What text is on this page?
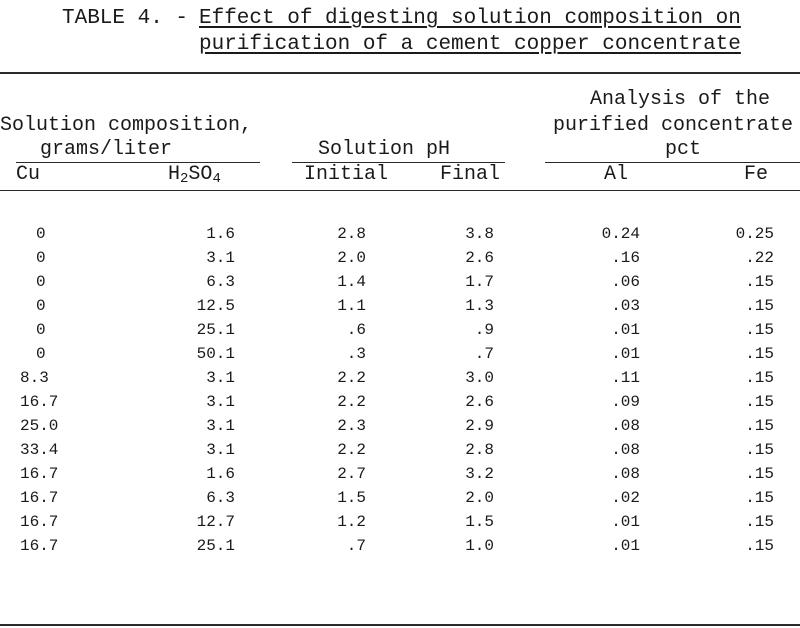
TABLE 4. - Effect of digesting solution composition on
purification of a cement copper concentrate
Solution composition,
grams/liter	Solution pH
Analysis of the
purified concentrate
pct
Cu	$H_2SO_4$	Initial	Final	Al	Fe
0	1.6	2.8	3.8	0.24	0.25
0	3.1	2.0	2.6	.16	.22
0	6.3	1.4	1.7	.06	.15
0	12.5	1.1	1.3	.03	.15
0	25.1	.6	.9	.01	.15
0	50.1	.3	.7	.01	.15
8.3	3.1	2.2	3.0	.11	.15
16.7	3.1	2.2	2.6	.09	.15
25.0	3.1	2.3	2.9	.08	.15
33.4	3.1	2.2	2.8	.08	.15
16.7	1.6	2.7	3.2	.08	.15
16.7	6.3	1.5	2.0	.02	.15
16.7	12.7	1.2	1.5	.01	.15
16.7	25.1	.7	1.0	.01	.15
